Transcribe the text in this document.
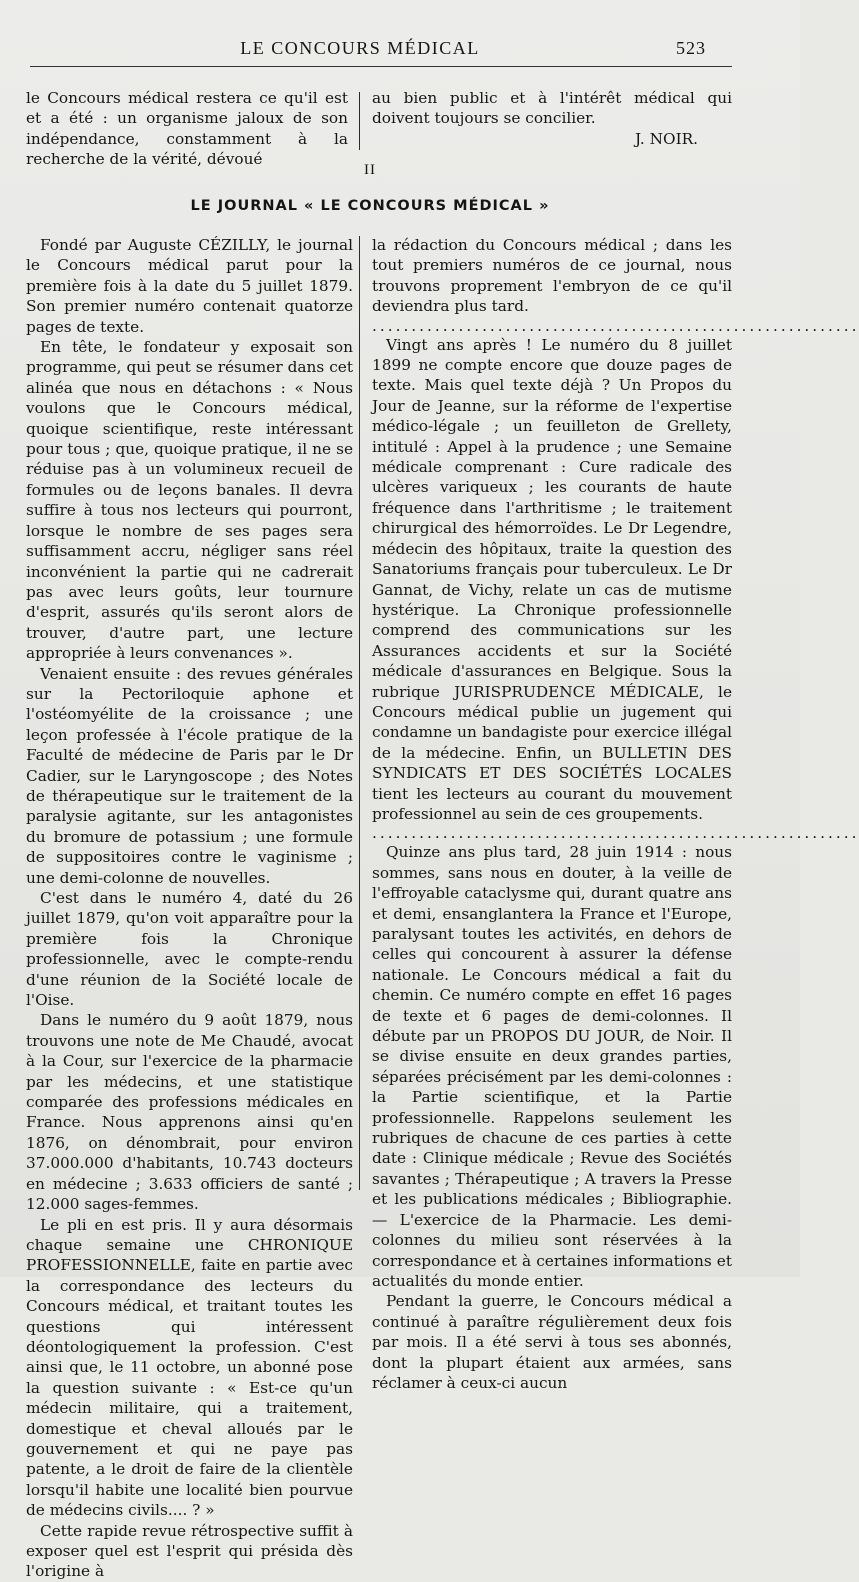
LE CONCOURS MÉDICAL	523

le Concours médical restera ce qu'il est et a été : un organisme jaloux de son indépendance, constamment à la recherche de la vérité, dévoué

au bien public et à l'intérêt médical qui doivent toujours se concilier.

J. NOIR.

II
LE JOURNAL « LE CONCOURS MÉDICAL »

Fondé par Auguste CÉZILLY, le journal le Concours médical parut pour la première fois à la date du 5 juillet 1879. Son premier numéro contenait quatorze pages de texte.

En tête, le fondateur y exposait son programme, qui peut se résumer dans cet alinéa que nous en détachons : « Nous voulons que le Concours médical, quoique scientifique, reste intéressant pour tous ; que, quoique pratique, il ne se réduise pas à un volumineux recueil de formules ou de leçons banales. Il devra suffire à tous nos lecteurs qui pourront, lorsque le nombre de ses pages sera suffisamment accru, négliger sans réel inconvénient la partie qui ne cadrerait pas avec leurs goûts, leur tournure d'esprit, assurés qu'ils seront alors de trouver, d'autre part, une lecture appropriée à leurs convenances ».

Venaient ensuite : des revues générales sur la Pectoriloquie aphone et l'ostéomyélite de la croissance ; une leçon professée à l'école pratique de la Faculté de médecine de Paris par le Dr Cadier, sur le Laryngoscope ; des Notes de thérapeutique sur le traitement de la paralysie agitante, sur les antagonistes du bromure de potassium ; une formule de suppositoires contre le vaginisme ; une demi-colonne de nouvelles.

C'est dans le numéro 4, daté du 26 juillet 1879, qu'on voit apparaître pour la première fois la Chronique professionnelle, avec le compte-rendu d'une réunion de la Société locale de l'Oise.

Dans le numéro du 9 août 1879, nous trouvons une note de Me Chaudé, avocat à la Cour, sur l'exercice de la pharmacie par les médecins, et une statistique comparée des professions médicales en France. Nous apprenons ainsi qu'en 1876, on dénombrait, pour environ 37.000.000 d'habitants, 10.743 docteurs en médecine ; 3.633 officiers de santé ; 12.000 sages-femmes.

Le pli en est pris. Il y aura désormais chaque semaine une CHRONIQUE PROFESSIONNELLE, faite en partie avec la correspondance des lecteurs du Concours médical, et traitant toutes les questions qui intéressent déontologiquement la profession. C'est ainsi que, le 11 octobre, un abonné pose la question suivante : « Est-ce qu'un médecin militaire, qui a traitement, domestique et cheval alloués par le gouvernement et qui ne paye pas patente, a le droit de faire de la clientèle lorsqu'il habite une localité bien pourvue de médecins civils.... ? »

Cette rapide revue rétrospective suffit à exposer quel est l'esprit qui présida dès l'origine à

la rédaction du Concours médical ; dans les tout premiers numéros de ce journal, nous trouvons proprement l'embryon de ce qu'il deviendra plus tard.

..............................................................

Vingt ans après ! Le numéro du 8 juillet 1899 ne compte encore que douze pages de texte. Mais quel texte déjà ? Un Propos du Jour de Jeanne, sur la réforme de l'expertise médico-légale ; un feuilleton de Grellety, intitulé : Appel à la prudence ; une Semaine médicale comprenant : Cure radicale des ulcères variqueux ; les courants de haute fréquence dans l'arthritisme ; le traitement chirurgical des hémorroïdes. Le Dr Legendre, médecin des hôpitaux, traite la question des Sanatoriums français pour tuberculeux. Le Dr Gannat, de Vichy, relate un cas de mutisme hystérique. La Chronique professionnelle comprend des communications sur les Assurances accidents et sur la Société médicale d'assurances en Belgique. Sous la rubrique JURISPRUDENCE MÉDICALE, le Concours médical publie un jugement qui condamne un bandagiste pour exercice illégal de la médecine. Enfin, un BULLETIN DES SYNDICATS ET DES SOCIÉTÉS LOCALES tient les lecteurs au courant du mouvement professionnel au sein de ces groupements.

..............................................................

Quinze ans plus tard, 28 juin 1914 : nous sommes, sans nous en douter, à la veille de l'effroyable cataclysme qui, durant quatre ans et demi, ensanglantera la France et l'Europe, paralysant toutes les activités, en dehors de celles qui concourent à assurer la défense nationale. Le Concours médical a fait du chemin. Ce numéro compte en effet 16 pages de texte et 6 pages de demi-colonnes. Il débute par un PROPOS DU JOUR, de Noir. Il se divise ensuite en deux grandes parties, séparées précisément par les demi-colonnes : la Partie scientifique, et la Partie professionnelle. Rappelons seulement les rubriques de chacune de ces parties à cette date : Clinique médicale ; Revue des Sociétés savantes ; Thérapeutique ; A travers la Presse et les publications médicales ; Bibliographie. — L'exercice de la Pharmacie. Les demi-colonnes du milieu sont réservées à la correspondance et à certaines informations et actualités du monde entier.

Pendant la guerre, le Concours médical a continué à paraître régulièrement deux fois par mois. Il a été servi à tous ses abonnés, dont la plupart étaient aux armées, sans réclamer à ceux-ci aucun
